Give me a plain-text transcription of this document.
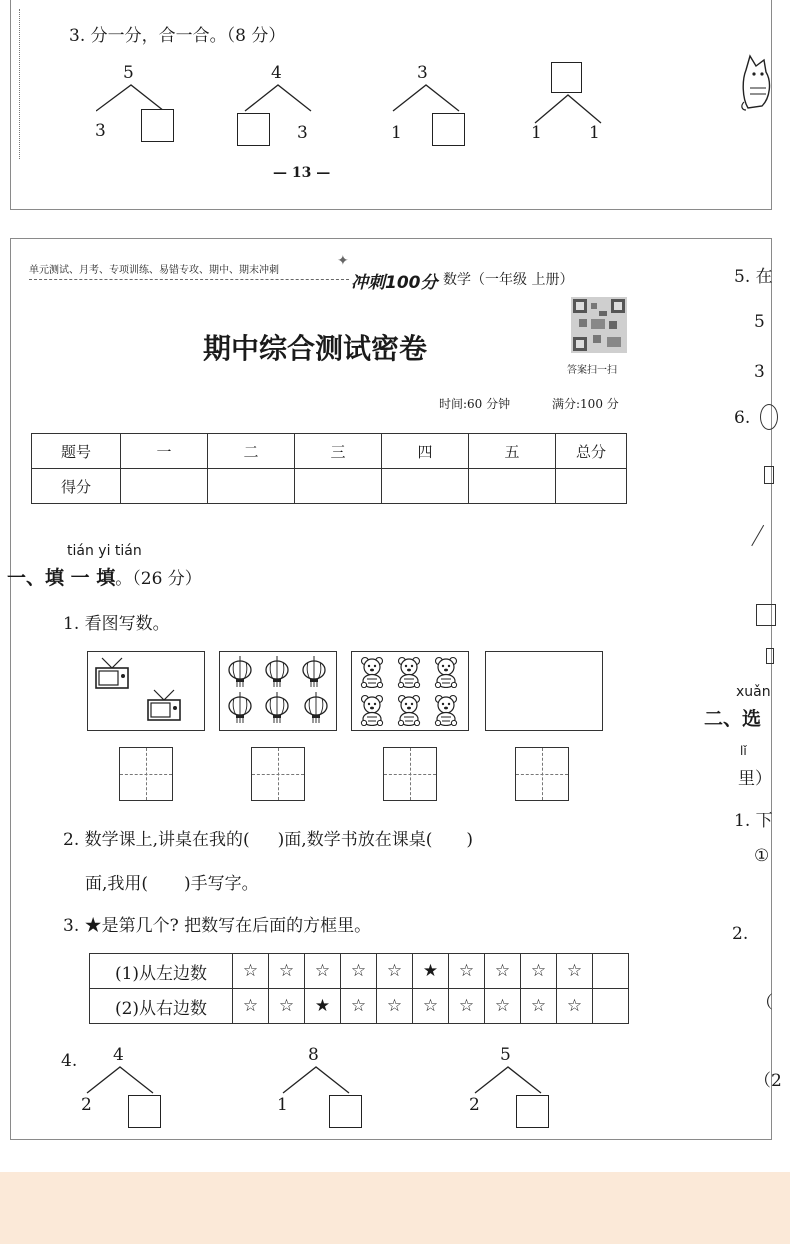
3. 分一分，合一合。（8 分）
5
3
4
3
3
1	1	1
— 13 —
单元测试、月考、专项训练、易错专攻、期中、期末冲刺
✦
冲刺100分 数学（一年级 上册）
答案扫一扫
期中综合测试密卷
时间:60 分钟	满分:100 分
题号	一	二	三	四	五	总分
得分						
tián yi tián
一、填 一 填。（26 分）
1. 看图写数。
2. 数学课上,讲桌在我的( )面,数学书放在课桌( )
面,我用( )手写字。
3. ★是第几个? 把数写在后面的方框里。
(1)从左边数	☆	☆	☆	☆	☆	★	☆	☆	☆	☆	
(2)从右边数	☆	☆	★	☆	☆	☆	☆	☆	☆	☆	
4. 4
2
8
1
5
2
5. 在
5
3
6.
xuǎn
二、选
lǐ
里）
1. 下
①
2.
（
（2
